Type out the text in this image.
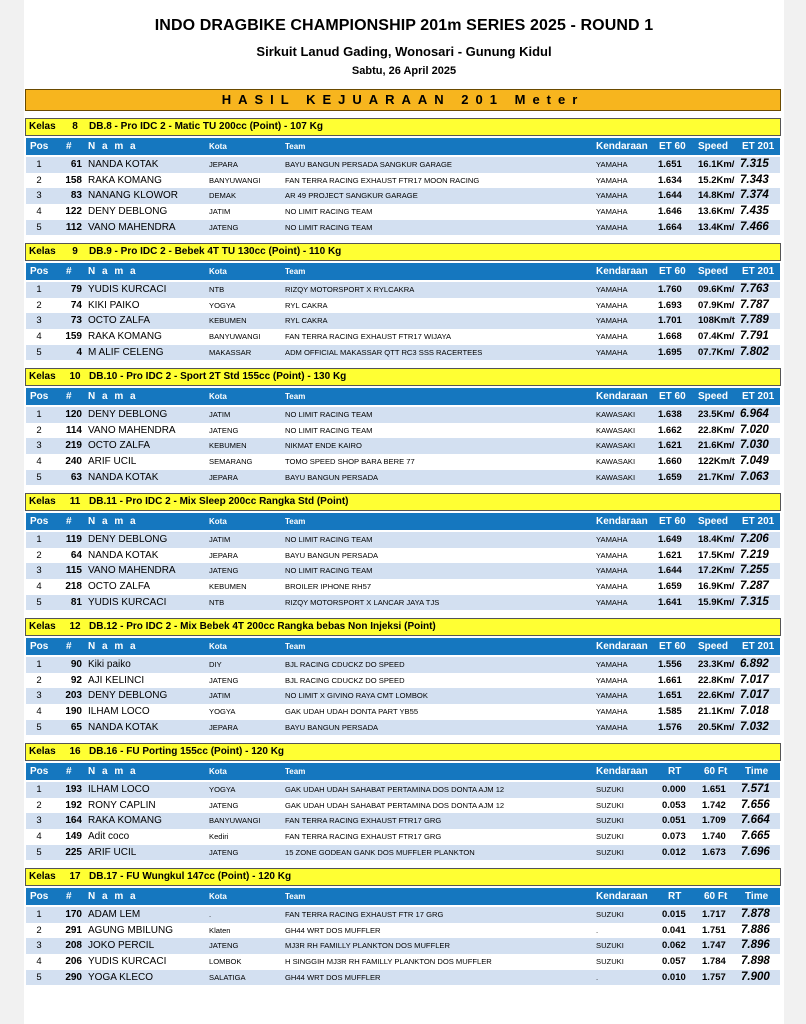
INDO DRAGBIKE CHAMPIONSHIP 201m SERIES 2025 - ROUND 1
Sirkuit Lanud Gading, Wonosari - Gunung Kidul
Sabtu, 26 April 2025
HASIL KEJUARAAN 201 Meter
Kelas 8 DB.8 - Pro IDC 2 - Matic TU 200cc (Point) - 107 Kg
Pos # N a m a	Kota	Team	Kendaraan ET 60 Speed ET 201
1	61 NANDA KOTAK	JEPARA	BAYU BANGUN PERSADA SANGKUR GARAGE	YAMAHA	1.651 16.1Km/ 7.315
2	158 RAKA KOMANG	BANYUWANGI	FAN TERRA RACING EXHAUST FTR17 MOON RACING	YAMAHA	1.634 15.2Km/ 7.343
3	83 NANANG KLOWOR	DEMAK	AR 49 PROJECT SANGKUR GARAGE	YAMAHA	1.644 14.8Km/ 7.374
4	122 DENY DEBLONG	JATIM	NO LIMIT RACING TEAM	YAMAHA	1.646 13.6Km/ 7.435
5	112 VANO MAHENDRA	JATENG	NO LIMIT RACING TEAM	YAMAHA	1.664 13.4Km/ 7.466
Kelas 9 DB.9 - Pro IDC 2 - Bebek 4T TU 130cc (Point) - 110 Kg
Pos # N a m a	Kota	Team	Kendaraan ET 60 Speed ET 201
1	79 YUDIS KURCACI	NTB	RIZQY MOTORSPORT X RYLCAKRA	YAMAHA	1.760 09.6Km/ 7.763
2	74 KIKI PAIKO	YOGYA	RYL CAKRA	YAMAHA	1.693 07.9Km/ 7.787
3	73 OCTO ZALFA	KEBUMEN	RYL CAKRA	YAMAHA	1.701 108Km/t 7.789
4	159 RAKA KOMANG	BANYUWANGI	FAN TERRA RACING EXHAUST FTR17 WIJAYA	YAMAHA	1.668 07.4Km/ 7.791
5	4 M ALIF CELENG	MAKASSAR	ADM OFFICIAL MAKASSAR QTT RC3 SSS RACERTEES	YAMAHA	1.695 07.7Km/ 7.802
Kelas 10 DB.10 - Pro IDC 2 - Sport 2T Std 155cc (Point) - 130 Kg
Pos # N a m a	Kota	Team	Kendaraan ET 60 Speed ET 201
1	120 DENY DEBLONG	JATIM	NO LIMIT RACING TEAM	KAWASAKI 1.638 23.5Km/ 6.964
2	114 VANO MAHENDRA	JATENG	NO LIMIT RACING TEAM	KAWASAKI 1.662 22.8Km/ 7.020
3	219 OCTO ZALFA	KEBUMEN	NIKMAT ENDE KAIRO	KAWASAKI 1.621 21.6Km/ 7.030
4	240 ARIF UCIL	SEMARANG	TOMO SPEED SHOP BARA BERE 77	KAWASAKI 1.660 122Km/t 7.049
5	63 NANDA KOTAK	JEPARA	BAYU BANGUN PERSADA	KAWASAKI 1.659 21.7Km/ 7.063
Kelas 11 DB.11 - Pro IDC 2 - Mix Sleep 200cc Rangka Std (Point)
Pos # N a m a	Kota	Team	Kendaraan ET 60 Speed ET 201
1	119 DENY DEBLONG	JATIM	NO LIMIT RACING TEAM	YAMAHA	1.649 18.4Km/ 7.206
2	64 NANDA KOTAK	JEPARA	BAYU BANGUN PERSADA	YAMAHA	1.621 17.5Km/ 7.219
3	115 VANO MAHENDRA	JATENG	NO LIMIT RACING TEAM	YAMAHA	1.644 17.2Km/ 7.255
4	218 OCTO ZALFA	KEBUMEN	BROILER IPHONE RH57	YAMAHA	1.659 16.9Km/ 7.287
5	81 YUDIS KURCACI	NTB	RIZQY MOTORSPORT X LANCAR JAYA TJS	YAMAHA	1.641 15.9Km/ 7.315
Kelas 12 DB.12 - Pro IDC 2 - Mix Bebek 4T 200cc Rangka bebas Non Injeksi (Point)
Pos # N a m a	Kota	Team	Kendaraan ET 60 Speed ET 201
1	90 Kiki paiko	DIY	BJL RACING CDUCKZ DO SPEED	YAMAHA	1.556 23.3Km/ 6.892
2	92 AJI KELINCI	JATENG	BJL RACING CDUCKZ DO SPEED	YAMAHA	1.661 22.8Km/ 7.017
3	203 DENY DEBLONG	JATIM	NO LIMIT X GIVINO RAYA CMT LOMBOK	YAMAHA	1.651 22.6Km/ 7.017
4	190 ILHAM LOCO	YOGYA	GAK UDAH UDAH DONTA PART YB55	YAMAHA	1.585 21.1Km/ 7.018
5	65 NANDA KOTAK	JEPARA	BAYU BANGUN PERSADA	YAMAHA	1.576 20.5Km/ 7.032
Kelas 16 DB.16 - FU Porting 155cc (Point) - 120 Kg
Pos # N a m a	Kota	Team	Kendaraan RT 60 Ft Time
1	193 ILHAM LOCO	YOGYA	GAK UDAH UDAH SAHABAT PERTAMINA DOS DONTA AJM 12	SUZUKI	0.000 1.651 7.571
2	192 RONY CAPLIN	JATENG	GAK UDAH UDAH SAHABAT PERTAMINA DOS DONTA AJM 12	SUZUKI	0.053 1.742 7.656
3	164 RAKA KOMANG	BANYUWANGI	FAN TERRA RACING EXHAUST FTR17 GRG	SUZUKI	0.051 1.709 7.664
4	149 Adit coco	Kediri	FAN TERRA RACING EXHAUST FTR17 GRG	SUZUKI	0.073 1.740 7.665
5	225 ARIF UCIL	JATENG	15 ZONE GODEAN GANK DOS MUFFLER PLANKTON	SUZUKI	0.012 1.673 7.696
Kelas 17 DB.17 - FU Wungkul 147cc (Point) - 120 Kg
Pos # N a m a	Kota	Team	Kendaraan RT 60 Ft Time
1	170 ADAM LEM	.	FAN TERRA RACING EXHAUST FTR 17 GRG	SUZUKI	0.015 1.717 7.878
2	291 AGUNG MBILUNG	Klaten	GH44 WRT DOS MUFFLER	.	0.041 1.751 7.886
3	208 JOKO PERCIL	JATENG	MJ3R RH FAMILLY PLANKTON DOS MUFFLER	SUZUKI	0.062 1.747 7.896
4	206 YUDIS KURCACI	LOMBOK	H SINGGIH MJ3R RH FAMILLY PLANKTON DOS MUFFLER	SUZUKI	0.057 1.784 7.898
5	290 YOGA KLECO	SALATIGA	GH44 WRT DOS MUFFLER	.	0.010 1.757 7.900
